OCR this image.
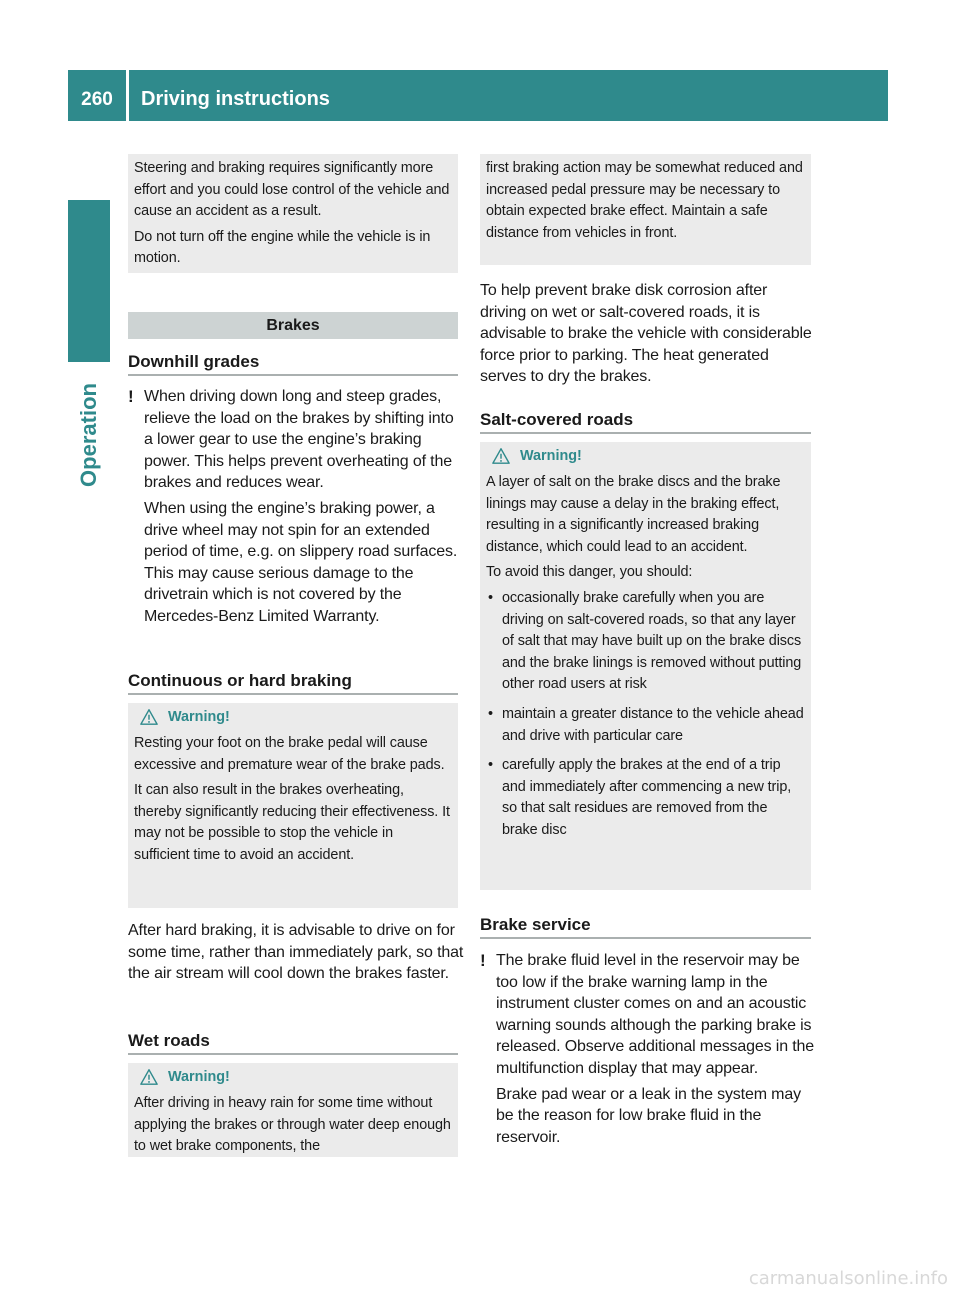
260	Driving instructions
Operation

Steering and braking requires significantly more effort and you could lose control of the vehicle and cause an accident as a result.

Do not turn off the engine while the vehicle is in motion.

Brakes
Downhill grades
! When driving down long and steep grades, relieve the load on the brakes by shifting into a lower gear to use the engine’s braking power. This helps prevent overheating of the brakes and reduces wear.

When using the engine’s braking power, a drive wheel may not spin for an extended period of time, e.g. on slippery road surfaces. This may cause serious damage to the drivetrain which is not covered by the Mercedes-Benz Limited Warranty.

Continuous or hard braking
Warning!

Resting your foot on the brake pedal will cause excessive and premature wear of the brake pads.

It can also result in the brakes overheating, thereby significantly reducing their effectiveness. It may not be possible to stop the vehicle in sufficient time to avoid an accident.

After hard braking, it is advisable to drive on for some time, rather than immediately park, so that the air stream will cool down the brakes faster.

Wet roads
Warning!

After driving in heavy rain for some time without applying the brakes or through water deep enough to wet brake components, the

first braking action may be somewhat reduced and increased pedal pressure may be necessary to obtain expected brake effect. Maintain a safe distance from vehicles in front.

To help prevent brake disk corrosion after driving on wet or salt-covered roads, it is advisable to brake the vehicle with considerable force prior to parking. The heat generated serves to dry the brakes.

Salt-covered roads
Warning!

A layer of salt on the brake discs and the brake linings may cause a delay in the braking effect, resulting in a significantly increased braking distance, which could lead to an accident.

To avoid this danger, you should:

• occasionally brake carefully when you are driving on salt-covered roads, so that any layer of salt that may have built up on the brake discs and the brake linings is removed without putting other road users at risk
• maintain a greater distance to the vehicle ahead and drive with particular care
• carefully apply the brakes at the end of a trip and immediately after commencing a new trip, so that salt residues are removed from the brake disc
Brake service
! The brake fluid level in the reservoir may be too low if the brake warning lamp in the instrument cluster comes on and an acoustic warning sounds although the parking brake is released. Observe additional messages in the multifunction display that may appear.

Brake pad wear or a leak in the system may be the reason for low brake fluid in the reservoir.

carmanualsonline.info
